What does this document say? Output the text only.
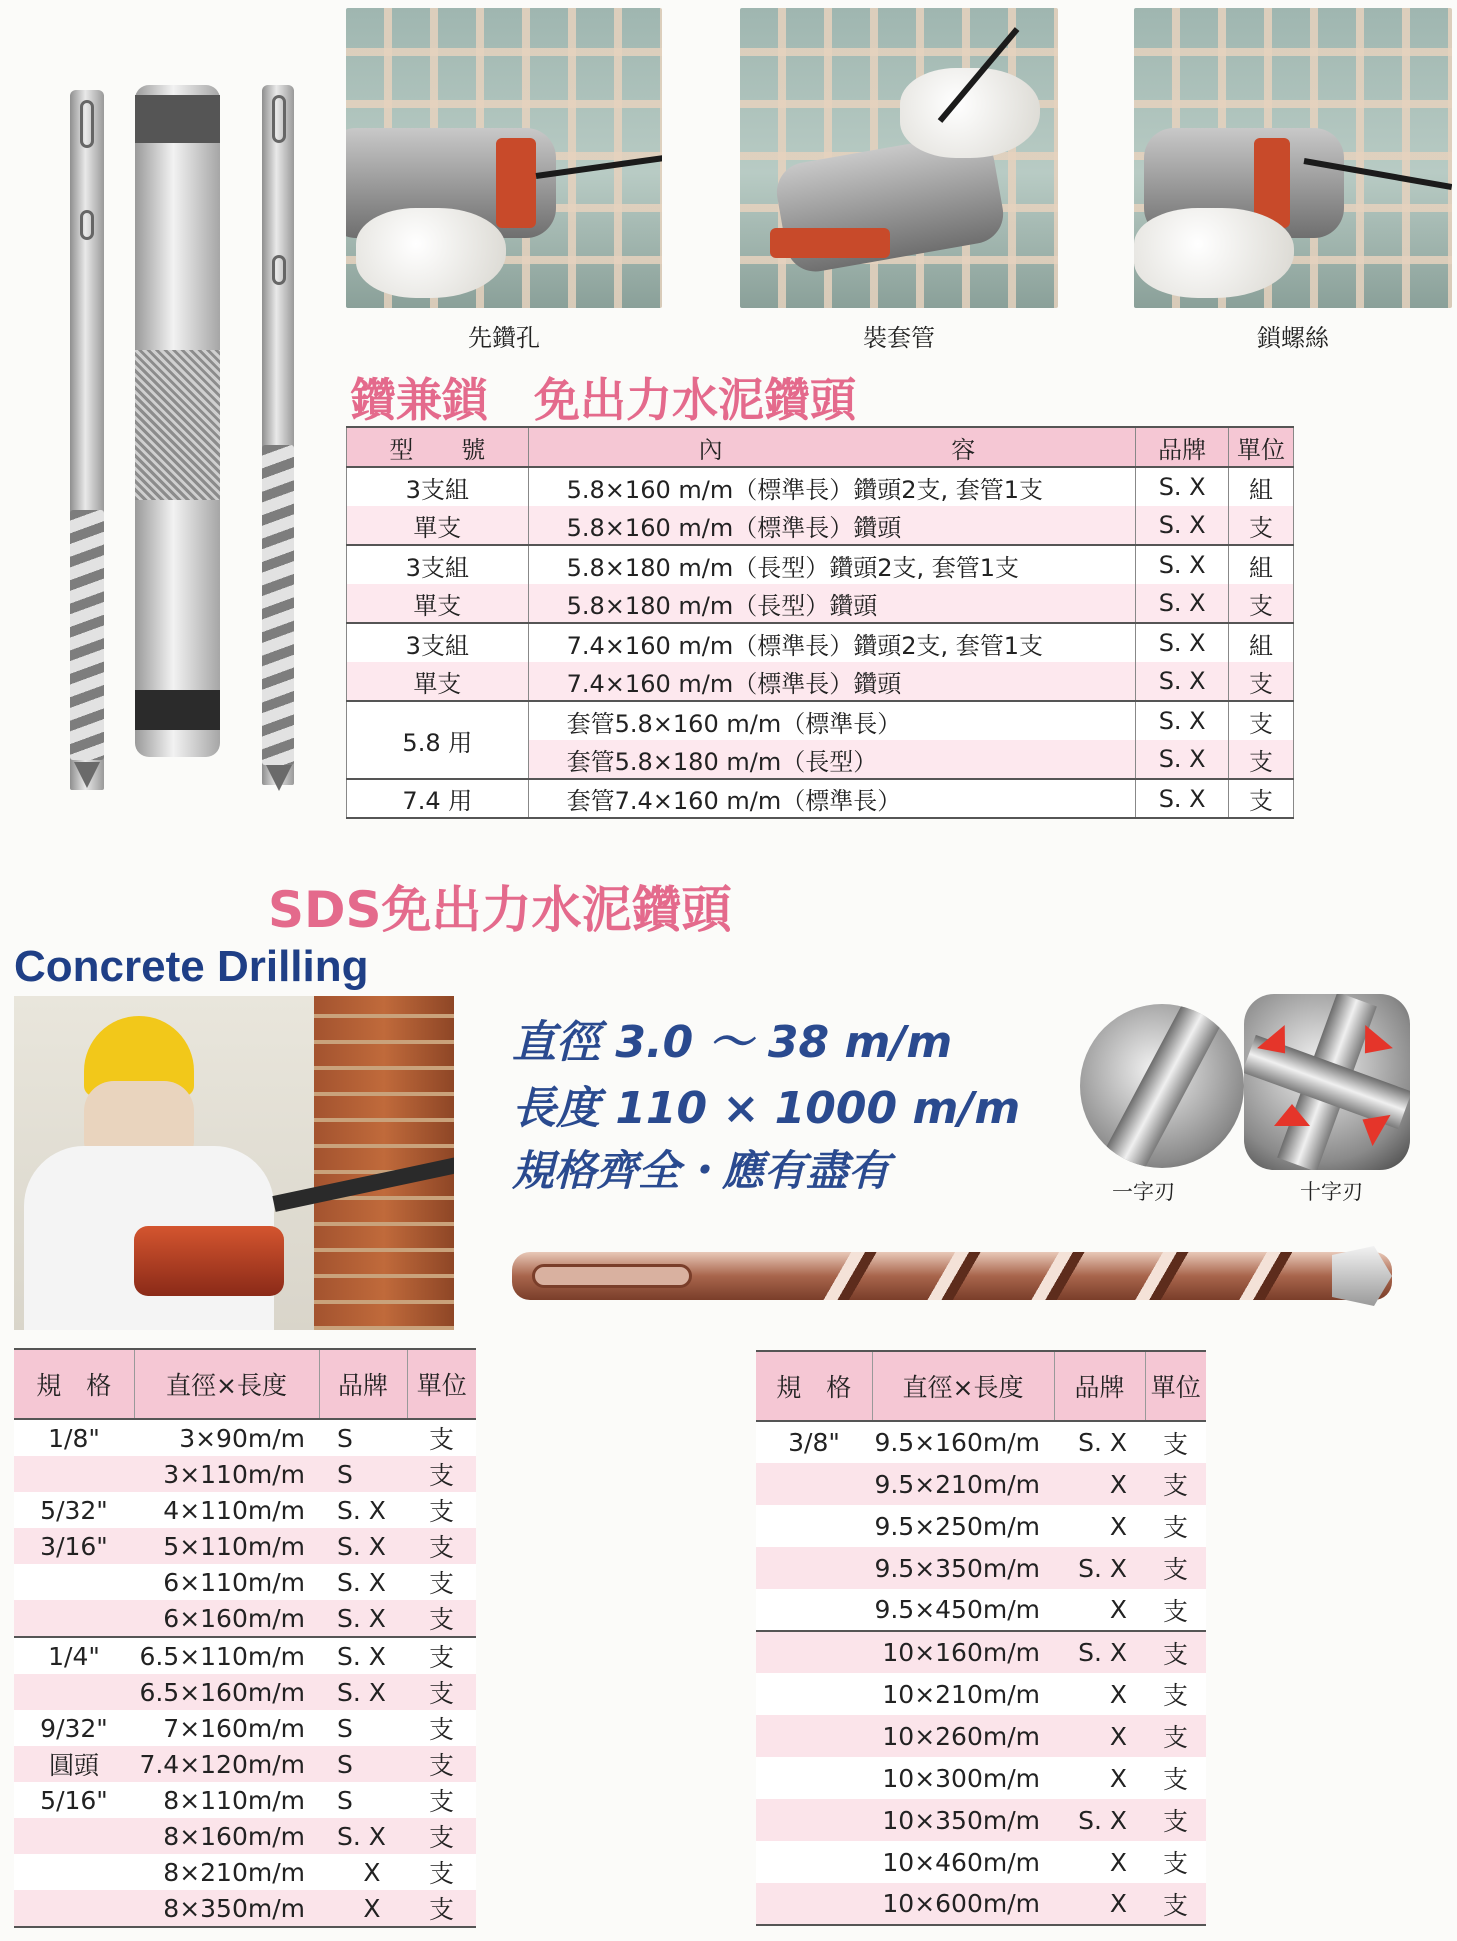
先鑽孔	裝套管	鎖螺絲
鑽兼鎖　免出力水泥鑽頭
型　　號	內 容	品牌	單位
3支組	5.8×160 m/m（標準長）鑽頭2支, 套管1支	S. X	組
單支	5.8×160 m/m（標準長）鑽頭	S. X	支
3支組	5.8×180 m/m（長型）鑽頭2支, 套管1支	S. X	組
單支	5.8×180 m/m（長型）鑽頭	S. X	支
3支組	7.4×160 m/m（標準長）鑽頭2支, 套管1支	S. X	組
單支	7.4×160 m/m（標準長）鑽頭	S. X	支
5.8 用	套管5.8×160 m/m（標準長）	S. X	支
	套管5.8×180 m/m（長型）	S. X	支
7.4 用	套管7.4×160 m/m（標準長）	S. X	支
SDS免出力水泥鑽頭
Concrete Drilling
直徑 3.0 ～ 38 m/m
長度 110 × 1000 m/m
規格齊全・應有盡有	一字刃	十字刃
規　格	直徑×長度	品牌	單位
1/8"	3×90m/m	S	支
	3×110m/m	S	支
5/32"	4×110m/m	S. X	支
3/16"	5×110m/m	S. X	支
	6×110m/m	S. X	支
	6×160m/m	S. X	支
1/4"	6.5×110m/m	S. X	支
	6.5×160m/m	S. X	支
9/32"	7×160m/m	S	支
圓頭	7.4×120m/m	S	支
5/16"	8×110m/m	S	支
	8×160m/m	S. X	支
	8×210m/m	X	支
	8×350m/m	X	支
規　格	直徑×長度	品牌	單位
3/8"	9.5×160m/m	S. X	支
	9.5×210m/m	X	支
	9.5×250m/m	X	支
	9.5×350m/m	S. X	支
	9.5×450m/m	X	支
	10×160m/m	S. X	支
	10×210m/m	X	支
	10×260m/m	X	支
	10×300m/m	X	支
	10×350m/m	S. X	支
	10×460m/m	X	支
	10×600m/m	X	支
